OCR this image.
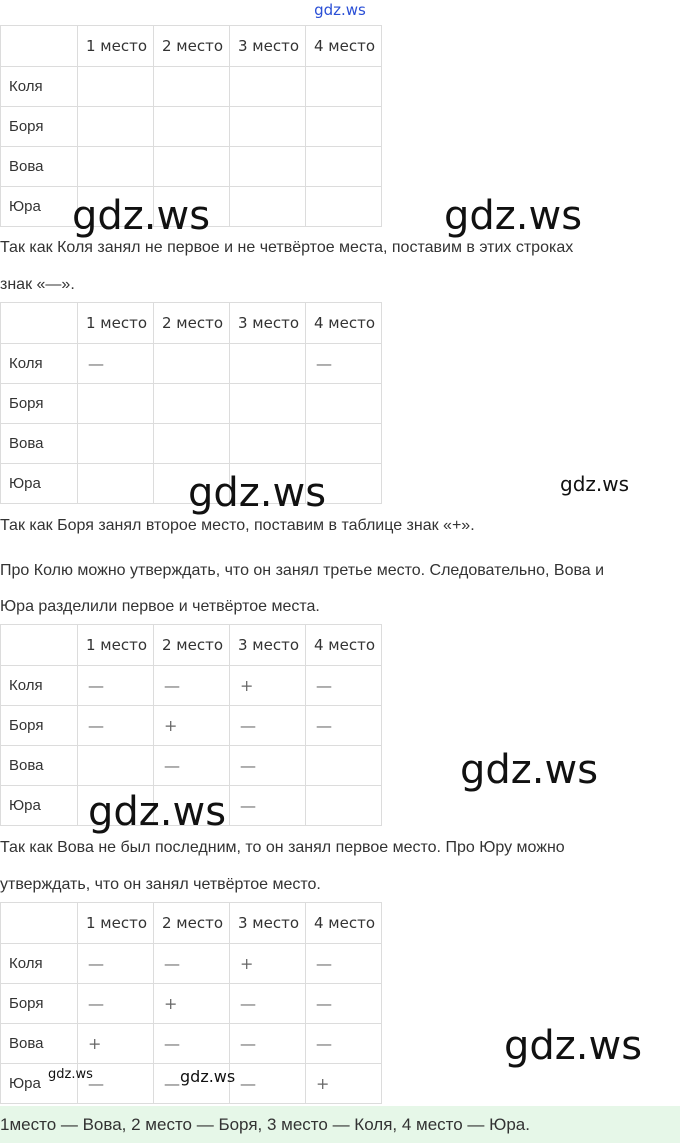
gdz.ws
	1 место	2 место	3 место	4 место
Коля				
Боря				
Вова				
Юра				
Так как Коля занял не первое и не четвёртое места, поставим в этих строках
знак «—».
	1 место	2 место	3 место	4 место
Коля	—			—
Боря				
Вова				
Юра				
Так как Боря занял второе место, поставим в таблице знак «+».
Про Колю можно утверждать, что он занял третье место. Следовательно, Вова и
Юра разделили первое и четвёртое места.
	1 место	2 место	3 место	4 место
Коля	—	—	+	—
Боря	—	+	—	—
Вова		—	—	
Юра			—	
Так как Вова не был последним, то он занял первое место. Про Юру можно
утверждать, что он занял четвёртое место.
	1 место	2 место	3 место	4 место
Коля	—	—	+	—
Боря	—	+	—	—
Вова	+	—	—	—
Юра	—	—	—	+
1место — Вова, 2 место — Боря, 3 место — Коля, 4 место — Юра.
gdz.ws	gdz.ws
gdz.ws	gdz.ws
gdz.ws
gdz.ws
gdz.ws
gdz.ws	gdz.ws
